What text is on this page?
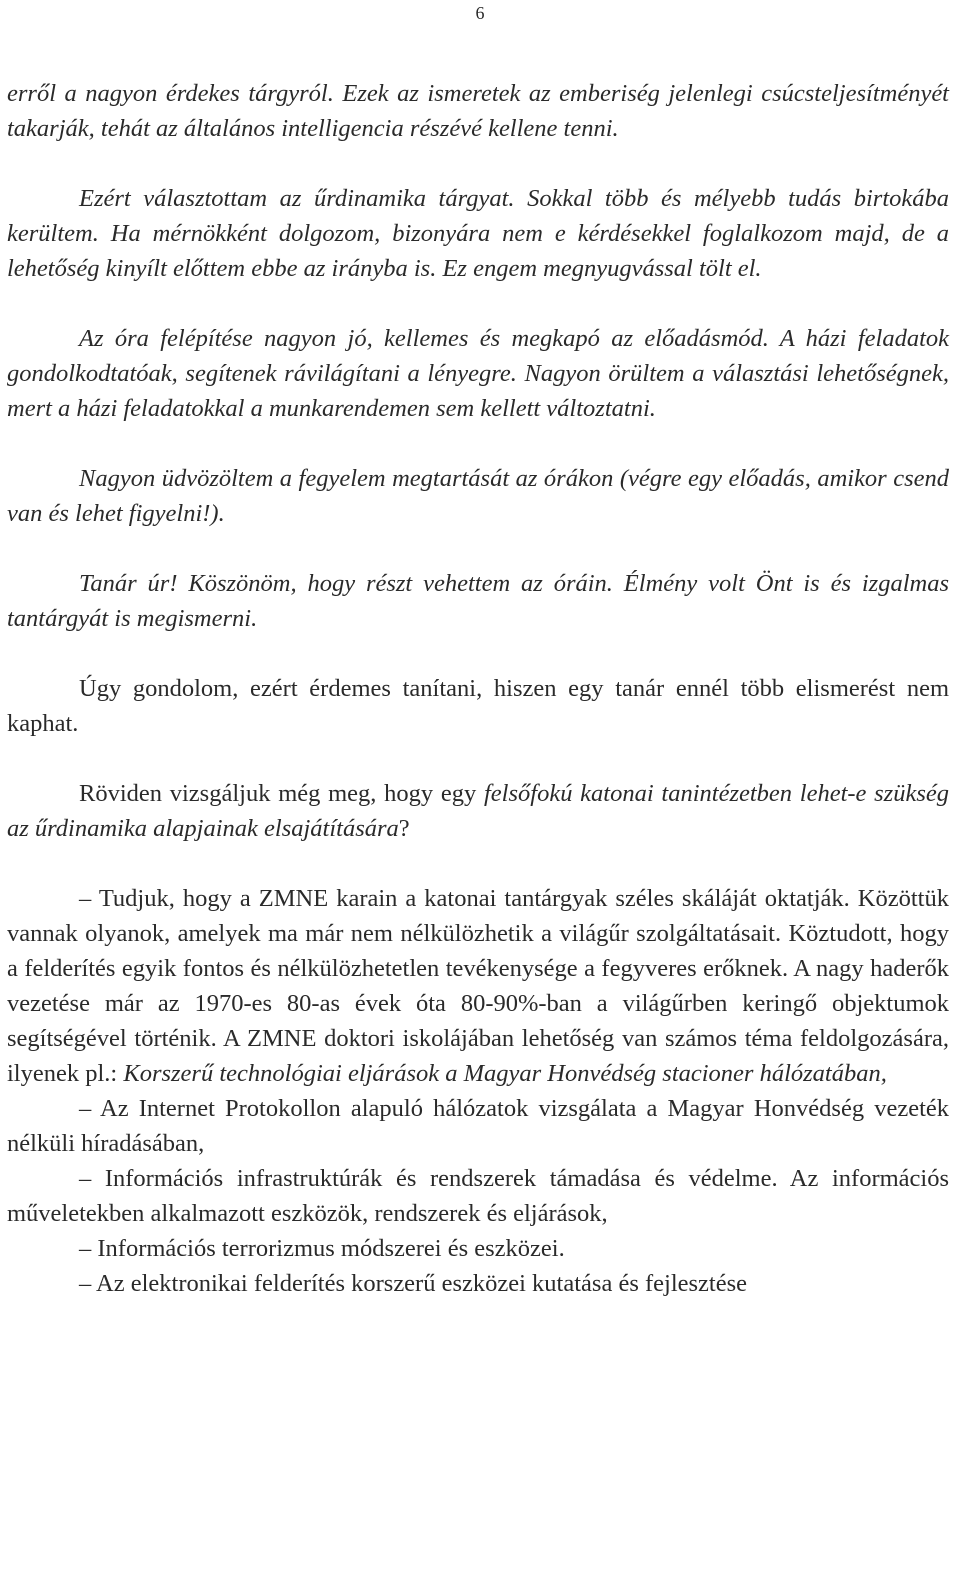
6

erről a nagyon érdekes tárgyról. Ezek az ismeretek az emberiség jelenlegi csúcsteljesítményét takarják, tehát az általános intelligencia részévé kellene tenni.

Ezért választottam az űrdinamika tárgyat. Sokkal több és mélyebb tudás birtokába kerültem. Ha mérnökként dolgozom, bizonyára nem e kérdésekkel foglalkozom majd, de a lehetőség kinyílt előttem ebbe az irányba is. Ez engem megnyugvással tölt el.

Az óra felépítése nagyon jó, kellemes és megkapó az előadásmód. A házi feladatok gondolkodtatóak, segítenek rávilágítani a lényegre. Nagyon örültem a választási lehetőségnek, mert a házi feladatokkal a munkarendemen sem kellett változtatni.

Nagyon üdvözöltem a fegyelem megtartását az órákon (végre egy előadás, amikor csend van és lehet figyelni!).

Tanár úr! Köszönöm, hogy részt vehettem az óráin. Élmény volt Önt is és izgalmas tantárgyát is megismerni.

Úgy gondolom, ezért érdemes tanítani, hiszen egy tanár ennél több elismerést nem kaphat.

Röviden vizsgáljuk még meg, hogy egy felsőfokú katonai tanintézetben lehet-e szükség az űrdinamika alapjainak elsajátítására?

– Tudjuk, hogy a ZMNE karain a katonai tantárgyak széles skáláját oktatják. Közöttük vannak olyanok, amelyek ma már nem nélkülözhetik a világűr szolgáltatásait. Köztudott, hogy a felderítés egyik fontos és nélkülözhetetlen tevékenysége a fegyveres erőknek. A nagy haderők vezetése már az 1970-es 80-as évek óta 80-90%-ban a világűrben keringő objektumok segítségével történik. A ZMNE doktori iskolájában lehetőség van számos téma feldolgozására, ilyenek pl.: Korszerű technológiai eljárások a Magyar Honvédség stacioner hálózatában,

– Az Internet Protokollon alapuló hálózatok vizsgálata a Magyar Honvédség vezeték nélküli híradásában,

– Információs infrastruktúrák és rendszerek támadása és védelme. Az információs műveletekben alkalmazott eszközök, rendszerek és eljárások,

– Információs terrorizmus módszerei és eszközei.

– Az elektronikai felderítés korszerű eszközei kutatása és fejlesztése
